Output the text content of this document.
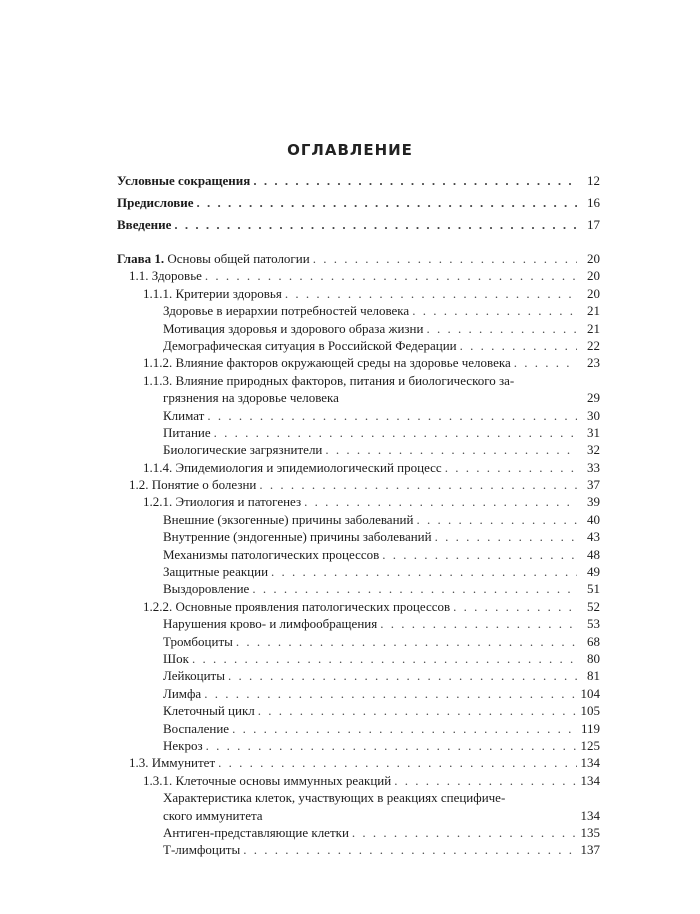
ОГЛАВЛЕНИЕ
Условные сокращения . . .	12
Предисловие . . .	16
Введение . . .	17
Глава 1. Основы общей патологии . . .	20
1.1. Здоровье . . .	20
1.1.1. Критерии здоровья . . .	20
Здоровье в иерархии потребностей человека . . .	21
Мотивация здоровья и здорового образа жизни . . .	21
Демографическая ситуация в Российской Федерации . . .	22
1.1.2. Влияние факторов окружающей среды на здоровье человека . . .	23
1.1.3. Влияние природных факторов, питания и биологического за-
грязнения на здоровье человека	29
Климат . . .	30
Питание . . .	31
Биологические загрязнители . . .	32
1.1.4. Эпидемиология и эпидемиологический процесс . . .	33
1.2. Понятие о болезни . . .	37
1.2.1. Этиология и патогенез . . .	39
Внешние (экзогенные) причины заболеваний . . .	40
Внутренние (эндогенные) причины заболеваний . . .	43
Механизмы патологических процессов . . .	48
Защитные реакции . . .	49
Выздоровление . . .	51
1.2.2. Основные проявления патологических процессов . . .	52
Нарушения крово- и лимфообращения . . .	53
Тромбоциты . . .	68
Шок . . .	80
Лейкоциты . . .	81
Лимфа . . .	104
Клеточный цикл . . .	105
Воспаление . . .	119
Некроз . . .	125
1.3. Иммунитет . . .	134
1.3.1. Клеточные основы иммунных реакций . . .	134
Характеристика клеток, участвующих в реакциях специфиче-
ского иммунитета	134
Антиген-представляющие клетки . . .	135
Т-лимфоциты . . .	137
